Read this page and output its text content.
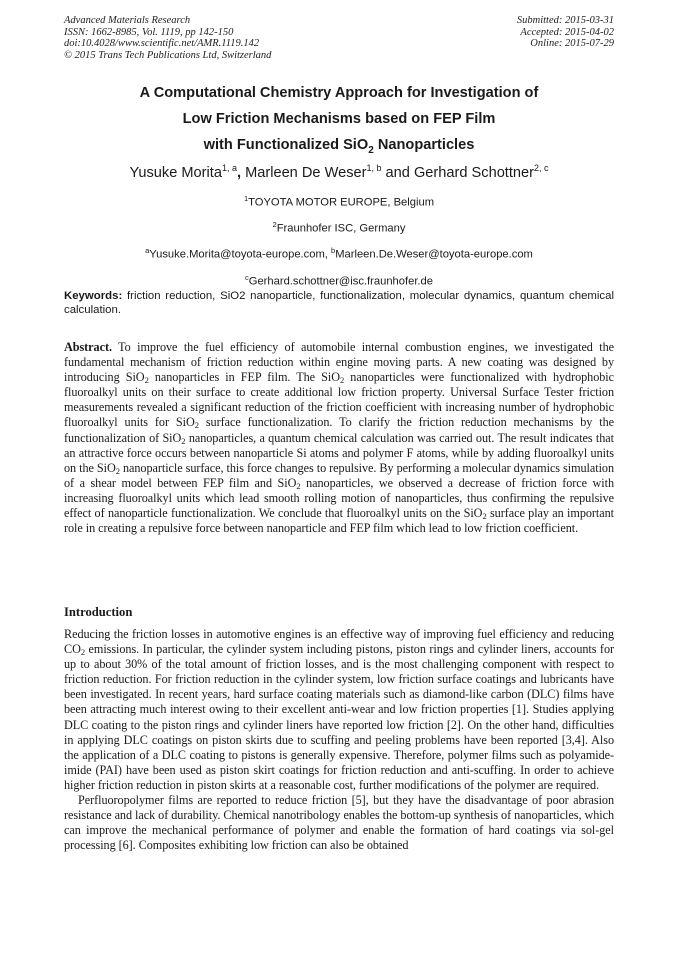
Advanced Materials Research
ISSN: 1662-8985, Vol. 1119, pp 142-150
doi:10.4028/www.scientific.net/AMR.1119.142
© 2015 Trans Tech Publications Ltd, Switzerland
Submitted: 2015-03-31
Accepted: 2015-04-02
Online: 2015-07-29
A Computational Chemistry Approach for Investigation of
Low Friction Mechanisms based on FEP Film
with Functionalized SiO$_2$ Nanoparticles
Yusuke Morita$^{1, a}$, Marleen De Weser$^{1, b}$ and Gerhard Schottner$^{2, c}$
$^1$TOYOTA MOTOR EUROPE, Belgium
$^2$Fraunhofer ISC, Germany
$^a$Yusuke.Morita@toyota-europe.com, $^b$Marleen.De.Weser@toyota-europe.com
$^c$Gerhard.schottner@isc.fraunhofer.de
Keywords: friction reduction, SiO2 nanoparticle, functionalization, molecular dynamics, quantum chemical calculation.
Abstract. To improve the fuel efficiency of automobile internal combustion engines, we investigated the fundamental mechanism of friction reduction within engine moving parts. A new coating was designed by introducing SiO$_2$ nanoparticles in FEP film. The SiO$_2$ nanoparticles were functionalized with hydrophobic fluoroalkyl units on their surface to create additional low friction property. Universal Surface Tester friction measurements revealed a significant reduction of the friction coefficient with increasing number of hydrophobic fluoroalkyl units for SiO$_2$ surface functionalization. To clarify the friction reduction mechanisms by the functionalization of SiO$_2$ nanoparticles, a quantum chemical calculation was carried out. The result indicates that an attractive force occurs between nanoparticle Si atoms and polymer F atoms, while by adding fluoroalkyl units on the SiO$_2$ nanoparticle surface, this force changes to repulsive. By performing a molecular dynamics simulation of a shear model between FEP film and SiO$_2$ nanoparticles, we observed a decrease of friction force with increasing fluoroalkyl units which lead smooth rolling motion of nanoparticles, thus confirming the repulsive effect of nanoparticle functionalization. We conclude that fluoroalkyl units on the SiO$_2$ surface play an important role in creating a repulsive force between nanoparticle and FEP film which lead to low friction coefficient.
Introduction

Reducing the friction losses in automotive engines is an effective way of improving fuel efficiency and reducing $CO_2$ emissions. In particular, the cylinder system including pistons, piston rings and cylinder liners, accounts for up to about 30% of the total amount of friction losses, and is the most challenging component with respect to friction reduction. For friction reduction in the cylinder system, low friction surface coatings and lubricants have been investigated. In recent years, hard surface coating materials such as diamond-like carbon (DLC) films have been attracting much interest owing to their excellent anti-wear and low friction properties [1]. Studies applying DLC coating to the piston rings and cylinder liners have reported low friction [2]. On the other hand, difficulties in applying DLC coatings on piston skirts due to scuffing and peeling problems have been reported [3,4]. Also the application of a DLC coating to pistons is generally expensive. Therefore, polymer films such as polyamide-imide (PAI) have been used as piston skirt coatings for friction reduction and anti-scuffing. In order to achieve higher friction reduction in piston skirts at a reasonable cost, further modifications of the polymer are required.

Perfluoropolymer films are reported to reduce friction [5], but they have the disadvantage of poor abrasion resistance and lack of durability. Chemical nanotribology enables the bottom-up synthesis of nanoparticles, which can improve the mechanical performance of polymer and enable the formation of hard coatings via sol-gel processing [6]. Composites exhibiting low friction can also be obtained
